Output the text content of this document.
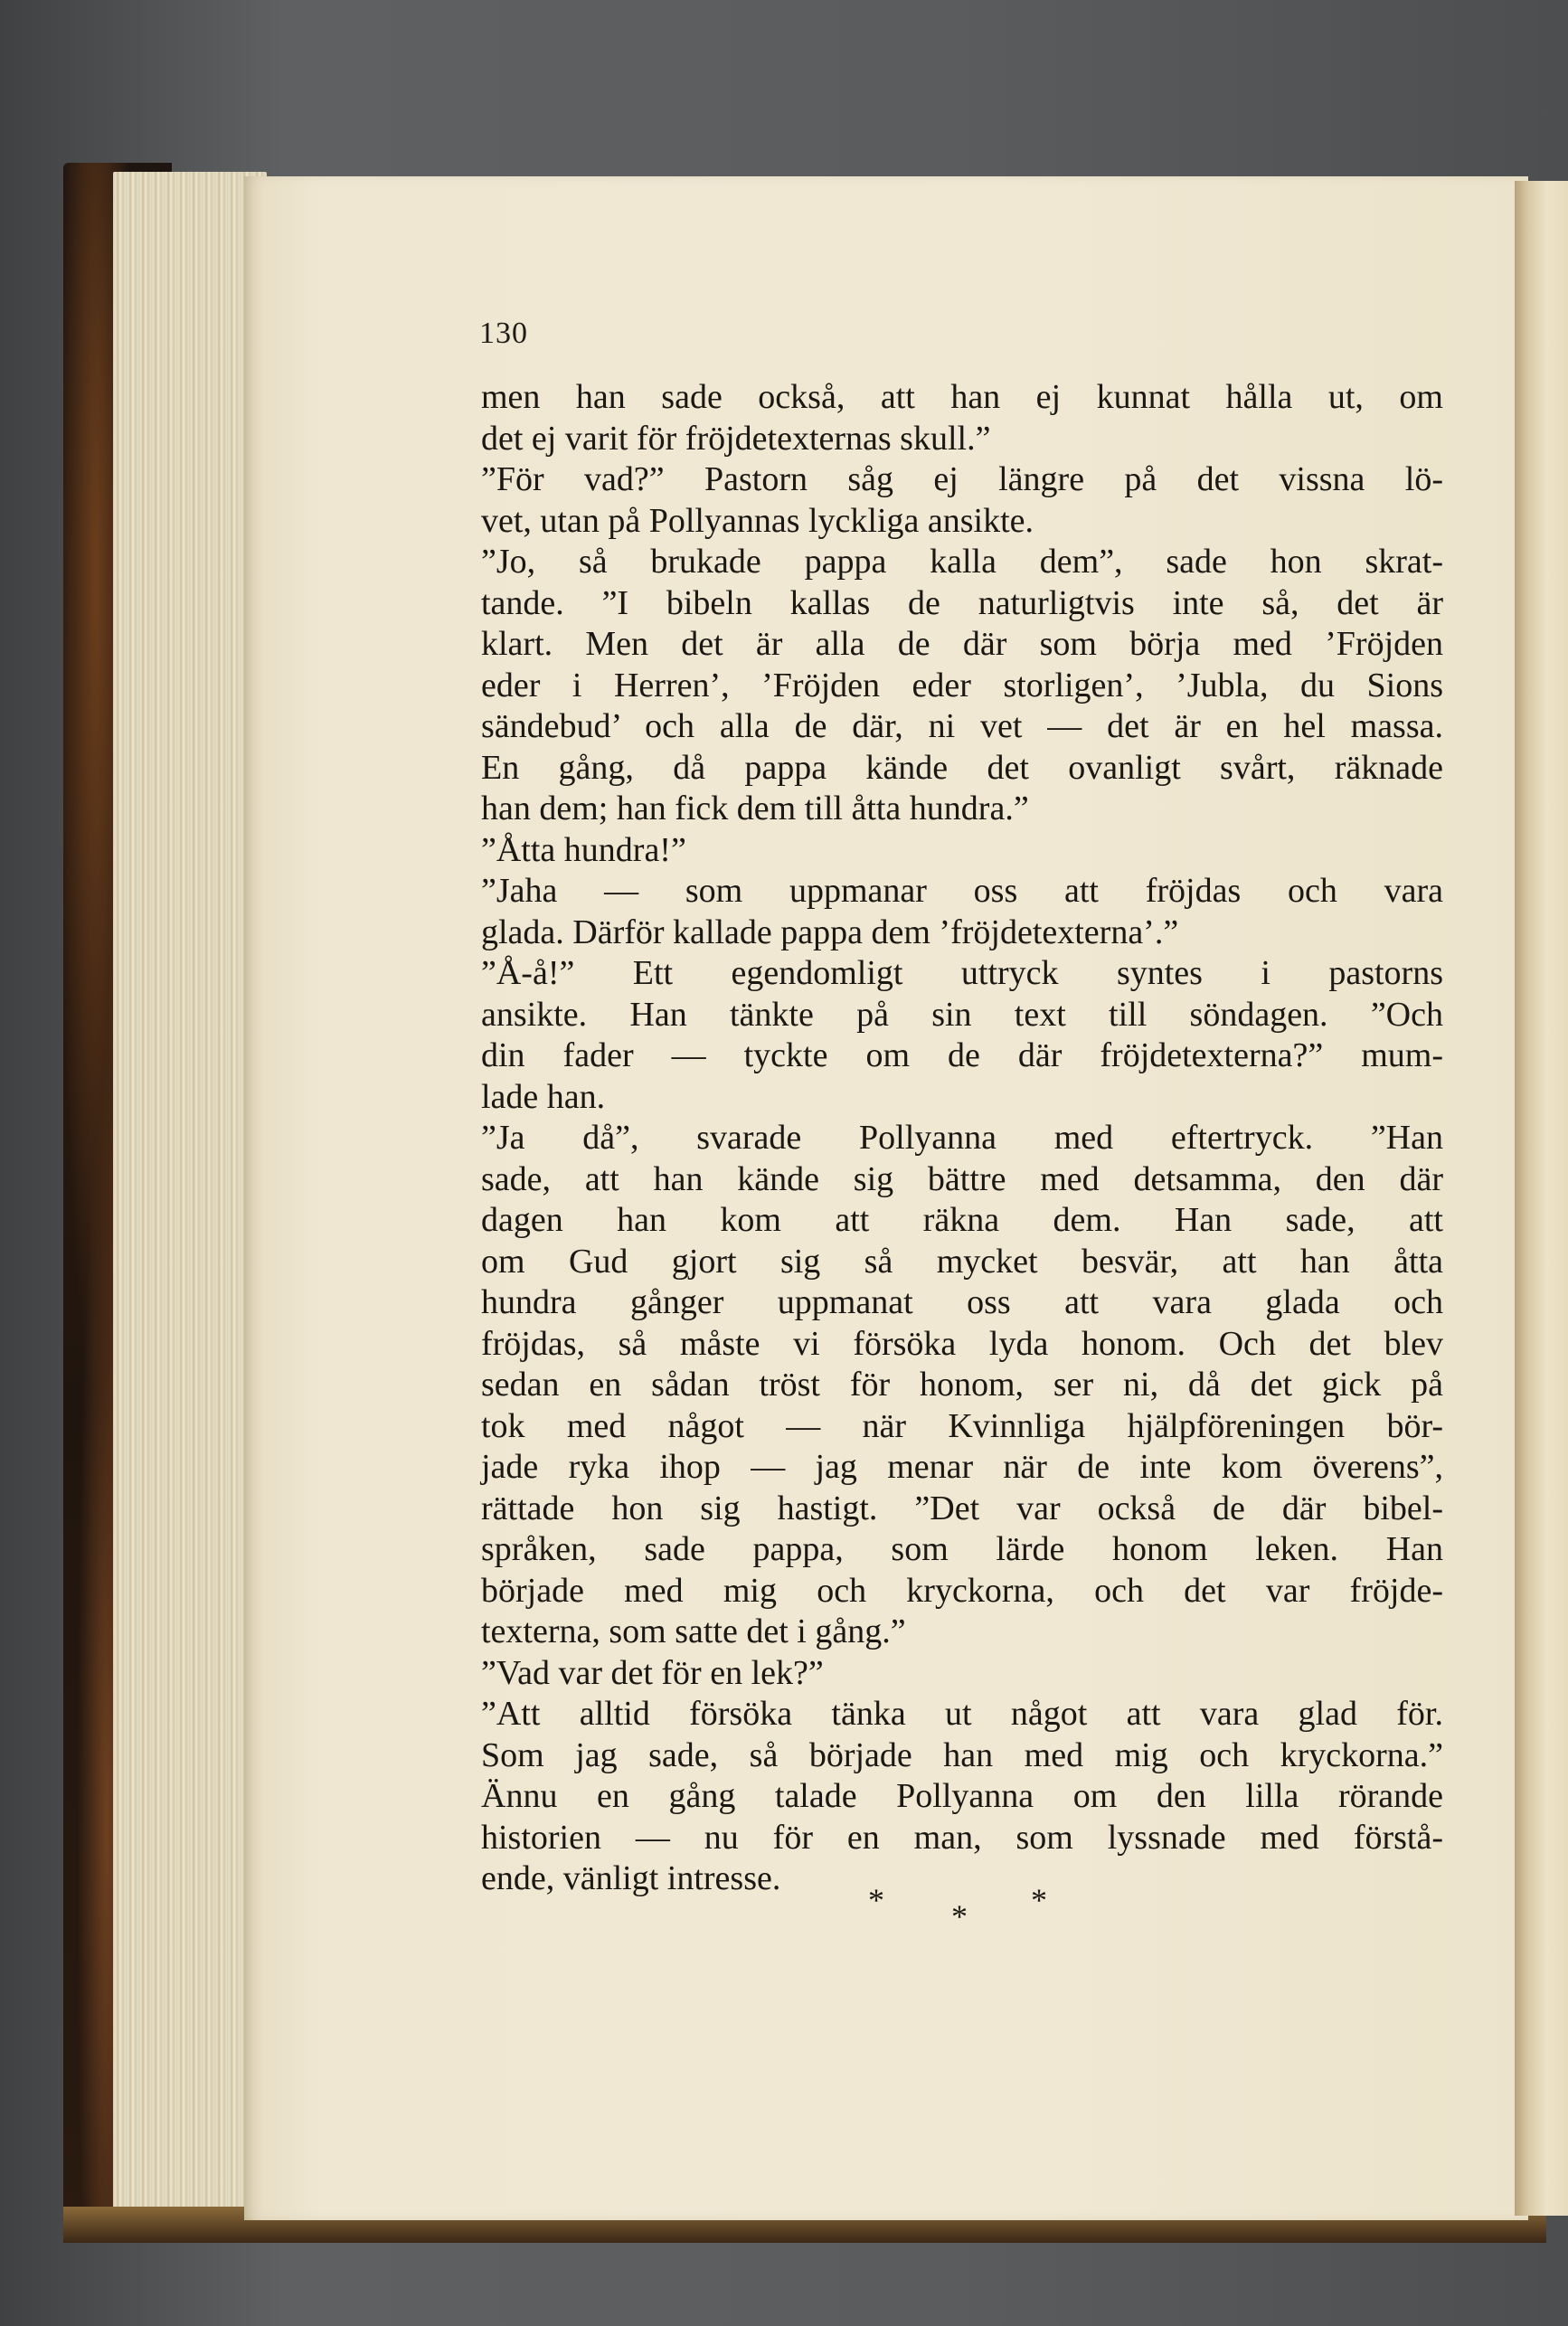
130
men han sade också, att han ej kunnat hålla ut, om
det ej varit för fröjdetexternas skull.”
”För vad?” Pastorn såg ej längre på det vissna lö-
vet, utan på Pollyannas lyckliga ansikte.
”Jo, så brukade pappa kalla dem”, sade hon skrat-
tande. ”I bibeln kallas de naturligtvis inte så, det är
klart. Men det är alla de där som börja med ’Fröjden
eder i Herren’, ’Fröjden eder storligen’, ’Jubla, du Sions
sändebud’ och alla de där, ni vet — det är en hel massa.
En gång, då pappa kände det ovanligt svårt, räknade
han dem; han fick dem till åtta hundra.”
”Åtta hundra!”
”Jaha — som uppmanar oss att fröjdas och vara
glada. Därför kallade pappa dem ’fröjdetexterna’.”
”Å-å!” Ett egendomligt uttryck syntes i pastorns
ansikte. Han tänkte på sin text till söndagen. ”Och
din fader — tyckte om de där fröjdetexterna?” mum-
lade han.
”Ja då”, svarade Pollyanna med eftertryck. ”Han
sade, att han kände sig bättre med detsamma, den där
dagen han kom att räkna dem. Han sade, att
om Gud gjort sig så mycket besvär, att han åtta
hundra gånger uppmanat oss att vara glada och
fröjdas, så måste vi försöka lyda honom. Och det blev
sedan en sådan tröst för honom, ser ni, då det gick på
tok med något — när Kvinnliga hjälpföreningen bör-
jade ryka ihop — jag menar när de inte kom överens”,
rättade hon sig hastigt. ”Det var också de där bibel-
språken, sade pappa, som lärde honom leken. Han
började med mig och kryckorna, och det var fröjde-
texterna, som satte det i gång.”
”Vad var det för en lek?”
”Att alltid försöka tänka ut något att vara glad för.
Som jag sade, så började han med mig och kryckorna.”
Ännu en gång talade Pollyanna om den lilla rörande
historien — nu för en man, som lyssnade med förstå-
ende, vänligt intresse.
* * *
